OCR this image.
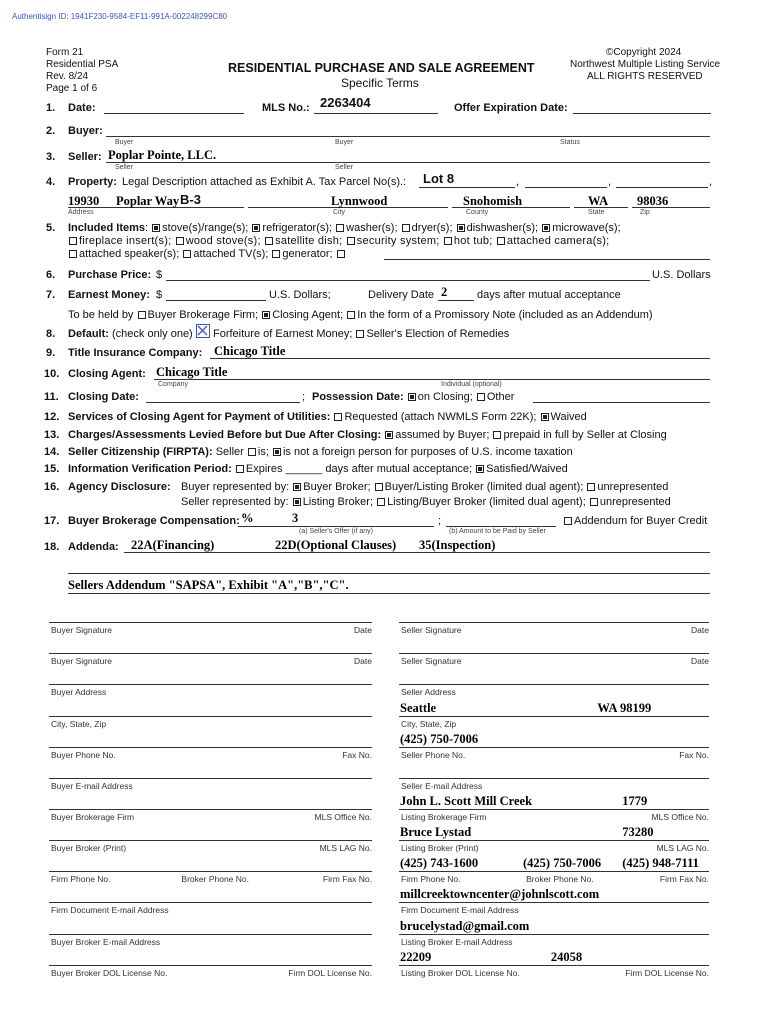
Authentisign ID: 1941F230-9584-EF11-991A-002248299C80
Form 21
Residential PSA
Rev. 8/24
Page 1 of 6
RESIDENTIAL PURCHASE AND SALE AGREEMENT
Specific Terms
©Copyright 2024
Northwest Multiple Listing Service
ALL RIGHTS RESERVED
1.
2.
3.
4.
5.
6.
7.
8.
9.
10.
11.
12.
13.
14.
15.
16.
17.
18.
Date:	MLS No.: 2263404	Offer Expiration Date:
Buyer:
Buyer	Buyer	Status
Seller: Poplar Pointe, LLC.
Seller	Seller
Property: Legal Description attached as Exhibit A. Tax Parcel No(s).: Lot 8	,	,	,
19930 Poplar Way B-3	Lynnwood	Snohomish	WA 98036
Address	City	County	State	Zip
Included Items: stove(s)/range(s); refrigerator(s); washer(s); dryer(s); dishwasher(s); microwave(s);
fireplace insert(s); wood stove(s); satellite dish; security system; hot tub; attached camera(s);
attached speaker(s); attached TV(s); generator;
Purchase Price: $	U.S. Dollars
Earnest Money: $	U.S. Dollars;	Delivery Date 2	days after mutual acceptance
To be held by Buyer Brokerage Firm; Closing Agent; In the form of a Promissory Note (included as an Addendum)
Default: (check only one) Forfeiture of Earnest Money; Seller's Election of Remedies
Title Insurance Company: Chicago Title
Closing Agent: Chicago Title
Company	Individual (optional)
Closing Date:	; Possession Date: on Closing; Other
Services of Closing Agent for Payment of Utilities: Requested (attach NWMLS Form 22K); Waived
Charges/Assessments Levied Before but Due After Closing: assumed by Buyer; prepaid in full by Seller at Closing
Seller Citizenship (FIRPTA): Seller is; is not a foreign person for purposes of U.S. income taxation
Information Verification Period: Expires ______ days after mutual acceptance; Satisfied/Waived
Agency Disclosure: Buyer represented by: Buyer Broker; Buyer/Listing Broker (limited dual agent); unrepresented
Seller represented by: Listing Broker; Listing/Buyer Broker (limited dual agent); unrepresented
Buyer Brokerage Compensation: %	3	;
(a) Seller's Offer (if any)	(b) Amount to be Paid by Seller
Addendum for Buyer Credit
Addenda: 22A(Financing)	22D(Optional Clauses) 35(Inspection)
Sellers Addendum "SAPSA", Exhibit "A","B","C".
Buyer Signature	Date
Buyer Signature	Date
Buyer Address
City, State, Zip
Buyer Phone No.	Fax No.
Buyer E-mail Address
Buyer Brokerage Firm	MLS Office No.
Buyer Broker (Print)	MLS LAG No.
Firm Phone No.	Firm Fax No.
Broker Phone No.
Firm Document E-mail Address
Buyer Broker E-mail Address
Buyer Broker DOL License No.	Firm DOL License No.
Seller Signature	Date
Seller Signature	Date
Seller Address
City, State, Zip
Seattle	WA 98199
Seller Phone No.	Fax No.
(425) 750-7006
Seller E-mail Address
Listing Brokerage Firm	MLS Office No.
John L. Scott Mill Creek	1779
Listing Broker (Print)	MLS LAG No.
Bruce Lystad	73280
Firm Phone No.	Firm Fax No.
Broker Phone No.
(425) 743-1600	(425) 750-7006 (425) 948-7111
Firm Document E-mail Address
millcreektowncenter@johnlscott.com
Listing Broker E-mail Address
brucelystad@gmail.com
Listing Broker DOL License No.	Firm DOL License No.
22209	24058
